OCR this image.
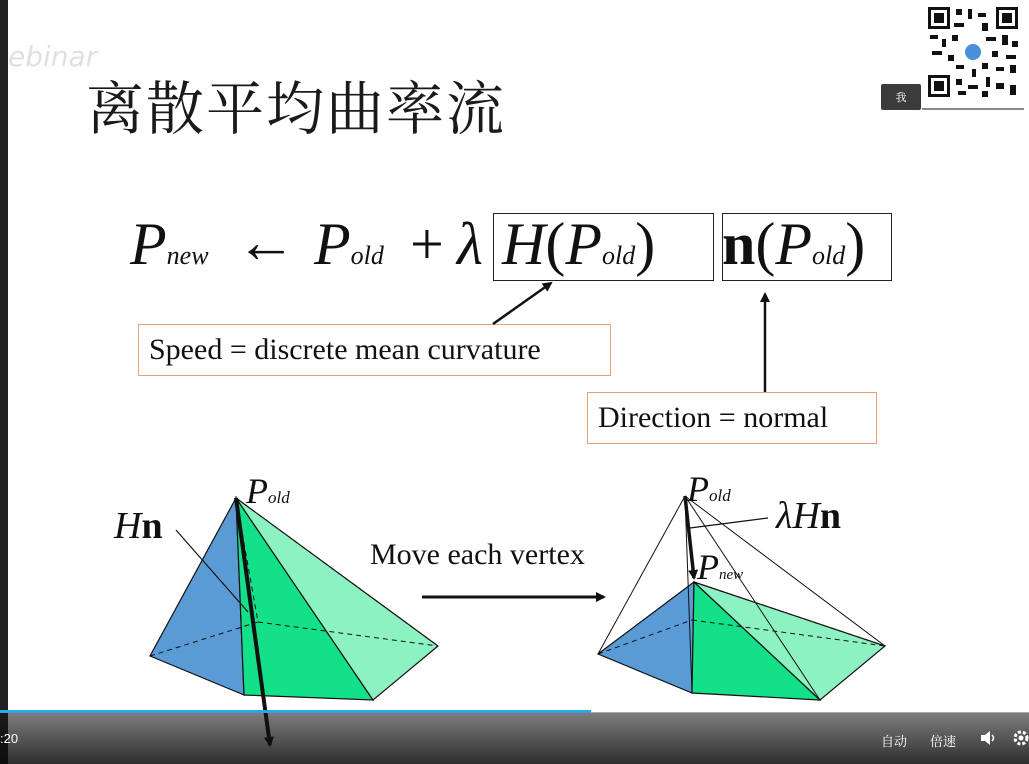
ebinar
离散平均曲率流
Pnew ← Pold + λ H(Pold) n(Pold)
Speed = discrete mean curvature
Direction = normal
Hn
Pold
Move each vertex
Pold λHn
Pnew
我
:20	自动 倍速
